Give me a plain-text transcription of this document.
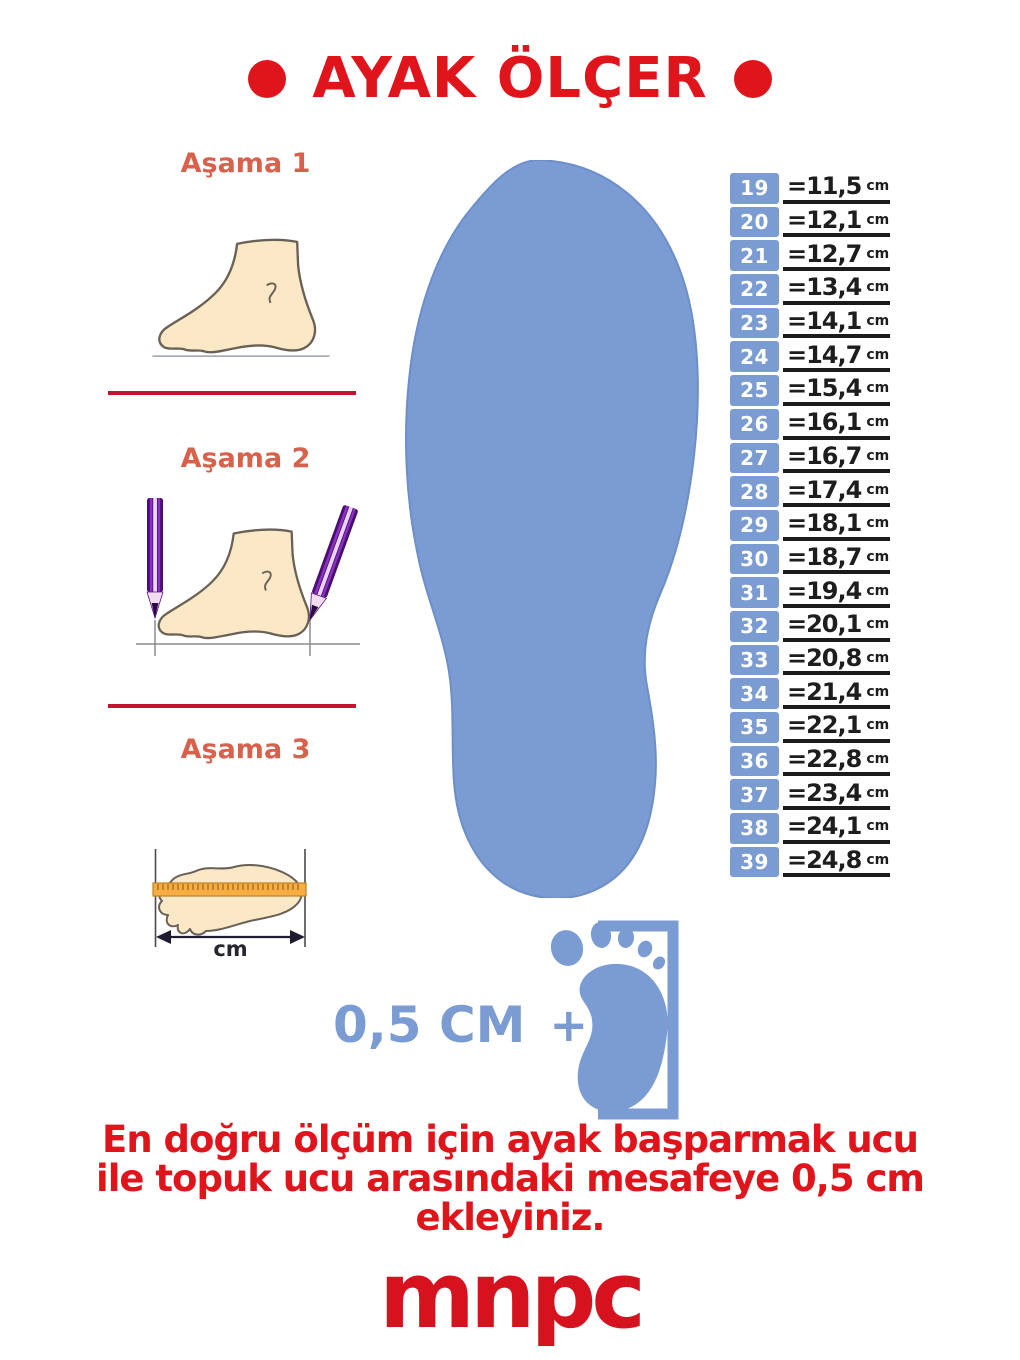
AYAK ÖLÇER
Aşama 1
Aşama 2
Aşama 3
cm
19 =11,5 cm
20 =12,1 cm
21 =12,7 cm
22 =13,4 cm
23 =14,1 cm
24 =14,7 cm
25 =15,4 cm
26 =16,1 cm
27 =16,7 cm
28 =17,4 cm
29 =18,1 cm
30 =18,7 cm
31 =19,4 cm
32 =20,1 cm
33 =20,8 cm
34 =21,4 cm
35 =22,1 cm
36 =22,8 cm
37 =23,4 cm
38 =24,1 cm
39 =24,8 cm
0,5 CM +
En doğru ölçüm için ayak başparmak ucu
ile topuk ucu arasındaki mesafeye 0,5 cm
ekleyiniz.
mnpc
